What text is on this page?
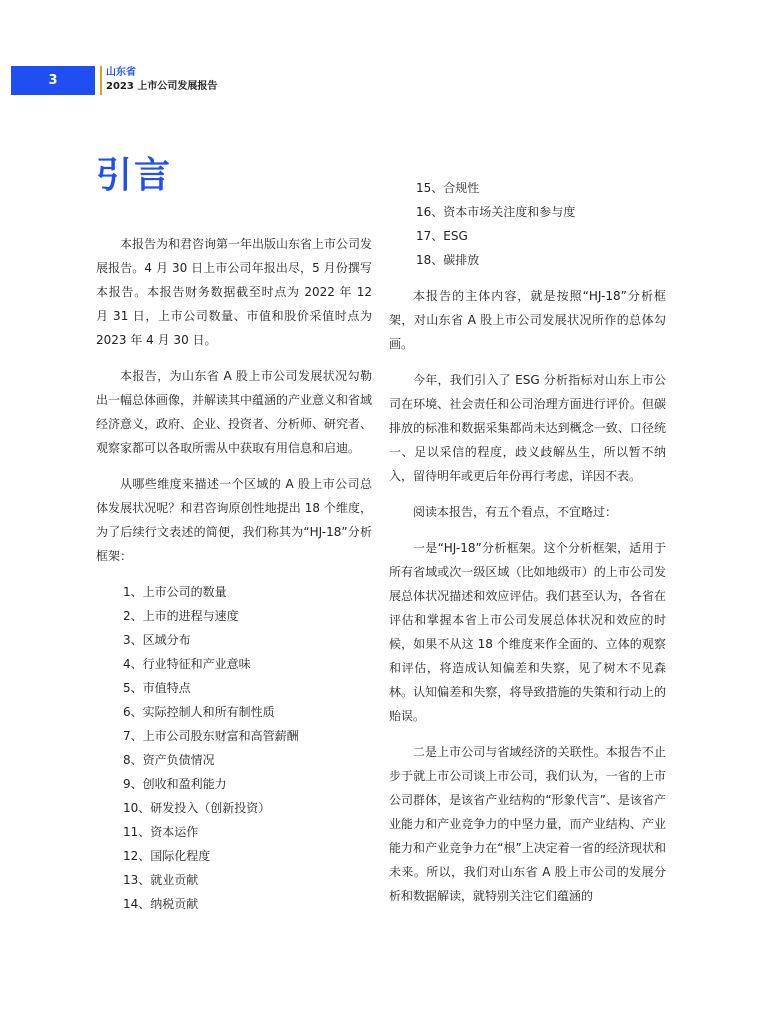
3
山东省
2023 上市公司发展报告
引言

本报告为和君咨询第一年出版山东省上市公司发展报告。4 月 30 日上市公司年报出尽，5 月份撰写本报告。本报告财务数据截至时点为 2022 年 12 月 31 日，上市公司数量、市值和股价采值时点为 2023 年 4 月 30 日。

本报告，为山东省 A 股上市公司发展状况勾勒出一幅总体画像，并解读其中蕴涵的产业意义和省域经济意义，政府、企业、投资者、分析师、研究者、观察家都可以各取所需从中获取有用信息和启迪。

从哪些维度来描述一个区域的 A 股上市公司总体发展状况呢？和君咨询原创性地提出 18 个维度，为了后续行文表述的简便，我们称其为“HJ-18”分析框架：

1、上市公司的数量
2、上市的进程与速度
3、区域分布
4、行业特征和产业意味
5、市值特点
6、实际控制人和所有制性质
7、上市公司股东财富和高管薪酬
8、资产负债情况
9、创收和盈利能力
10、研发投入（创新投资）
11、资本运作
12、国际化程度
13、就业贡献
14、纳税贡献
15、合规性
16、资本市场关注度和参与度
17、ESG
18、碳排放

本报告的主体内容，就是按照“HJ-18”分析框架，对山东省 A 股上市公司发展状况所作的总体勾画。

今年，我们引入了 ESG 分析指标对山东上市公司在环境、社会责任和公司治理方面进行评价。但碳排放的标准和数据采集都尚未达到概念一致、口径统一、足以采信的程度，歧义歧解丛生，所以暂不纳入，留待明年或更后年份再行考虑，详因不表。

阅读本报告，有五个看点，不宜略过：

一是“HJ-18”分析框架。这个分析框架，适用于所有省域或次一级区域（比如地级市）的上市公司发展总体状况描述和效应评估。我们甚至认为，各省在评估和掌握本省上市公司发展总体状况和效应的时候，如果不从这 18 个维度来作全面的、立体的观察和评估，将造成认知偏差和失察，见了树木不见森林。认知偏差和失察，将导致措施的失策和行动上的贻误。

二是上市公司与省域经济的关联性。本报告不止步于就上市公司谈上市公司，我们认为，一省的上市公司群体，是该省产业结构的“形象代言”、是该省产业能力和产业竞争力的中坚力量，而产业结构、产业能力和产业竞争力在“根”上决定着一省的经济现状和未来。所以，我们对山东省 A 股上市公司的发展分析和数据解读，就特别关注它们蕴涵的
